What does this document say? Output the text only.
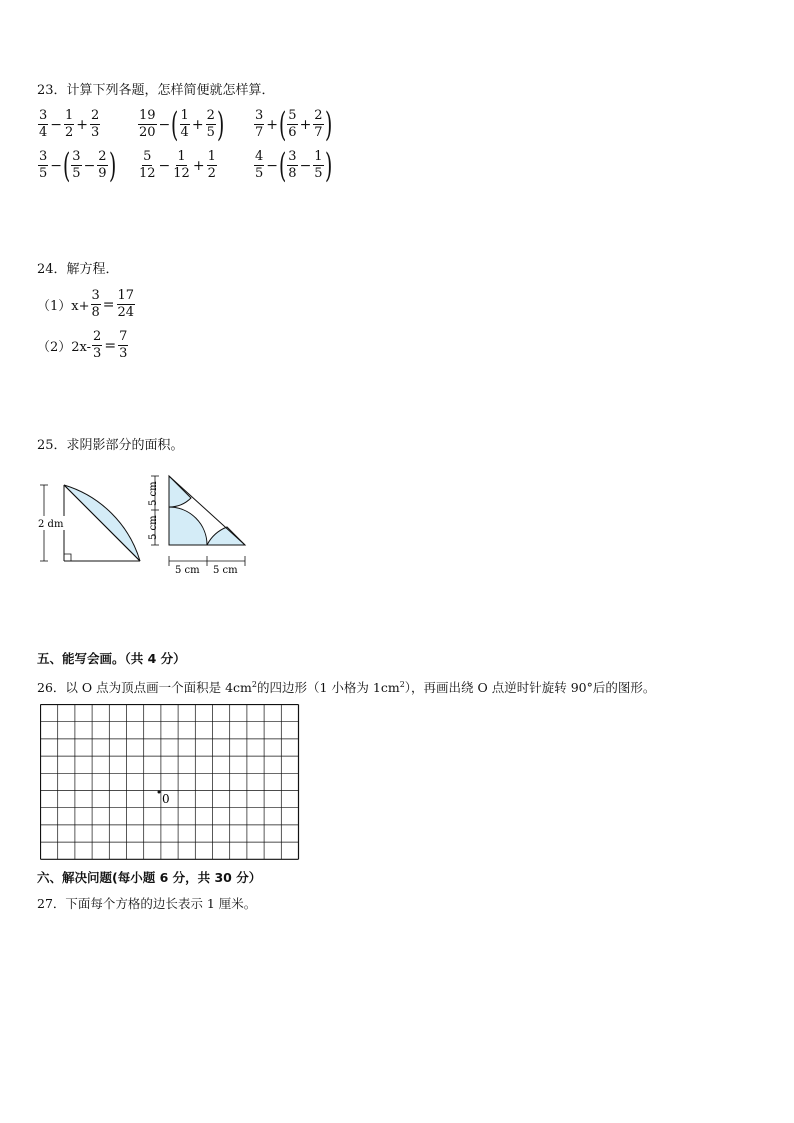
23．计算下列各题，怎样简便就怎样算．
$\frac{3}{4} - \frac{1}{2} + \frac{2}{3}$	$\frac{19}{20}$ − ( $\frac{1}{4} + \frac{2}{5}$ ) $\frac{3}{7}$ + ( $\frac{5}{6} + \frac{2}{7}$ )
$\frac{3}{5}$ − ( $\frac{3}{5} - \frac{2}{9}$ ) $\frac{5}{12} - \frac{1}{12} + \frac{1}{2}$	$\frac{4}{5}$ − ( $\frac{3}{8} - \frac{1}{5}$ )
24．解方程．
$(1)x+ \frac{3}{8} = \frac{17}{24}$
$(2)2x- \frac{2}{3} = \frac{7}{3}$
25．求阴影部分的面积。
2 dm
5 cm
5 cm
5 cm 5 cm
五、能写会画。（共 4 分）
26．以 O 点为顶点画一个面积是 $4cm^2$的四边形（1 小格为 $1cm^2$），再画出绕 O 点逆时针旋转 90°后的图形。
0
六、解决问题(每小题 6 分，共 30 分）
27．下面每个方格的边长表示 1 厘米。
